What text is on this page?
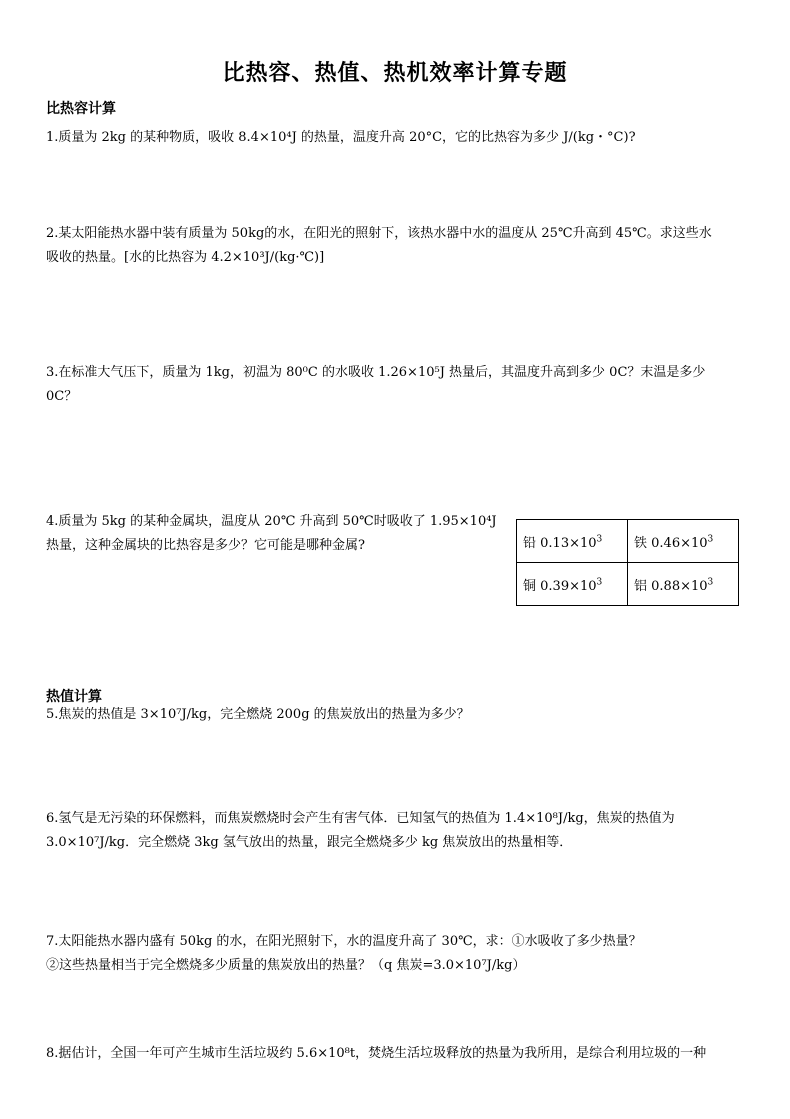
比热容、热值、热机效率计算专题
比热容计算
1.质量为 2kg 的某种物质，吸收 8.4×10⁴J 的热量，温度升高 20°C，它的比热容为多少 J/(kg・°C)?
2.某太阳能热水器中装有质量为 50kg的水，在阳光的照射下，该热水器中水的温度从 25℃升高到 45℃。求这些水
吸收的热量。[水的比热容为 4.2×10³J/(kg·℃)]
3.在标准大气压下，质量为 1kg，初温为 80⁰C 的水吸收 1.26×10⁵J 热量后，其温度升高到多少 0C？末温是多少
0C？
4.质量为 5kg 的某种金属块，温度从 20℃ 升高到 50℃时吸收了 1.95×10⁴J
热量，这种金属块的比热容是多少？它可能是哪种金属?	铅 $0.13\times 10^3$	铁 $0.46\times 10^3$
铜 $0.39\times 10^3$	铝 $0.88\times 10^3$
热值计算
5.焦炭的热值是 3×10⁷J/kg，完全燃烧 200g 的焦炭放出的热量为多少？
6.氢气是无污染的环保燃料，而焦炭燃烧时会产生有害气体．已知氢气的热值为 1.4×10⁸J/kg，焦炭的热值为
3.0×10⁷J/kg．完全燃烧 3kg 氢气放出的热量，跟完全燃烧多少 kg 焦炭放出的热量相等．
7.太阳能热水器内盛有 50kg 的水，在阳光照射下，水的温度升高了 30℃，求：①水吸收了多少热量？
②这些热量相当于完全燃烧多少质量的焦炭放出的热量？（q 焦炭=3.0×10⁷J/kg）
8.据估计，全国一年可产生城市生活垃圾约 5.6×10⁸t，焚烧生活垃圾释放的热量为我所用，是综合利用垃圾的一种
